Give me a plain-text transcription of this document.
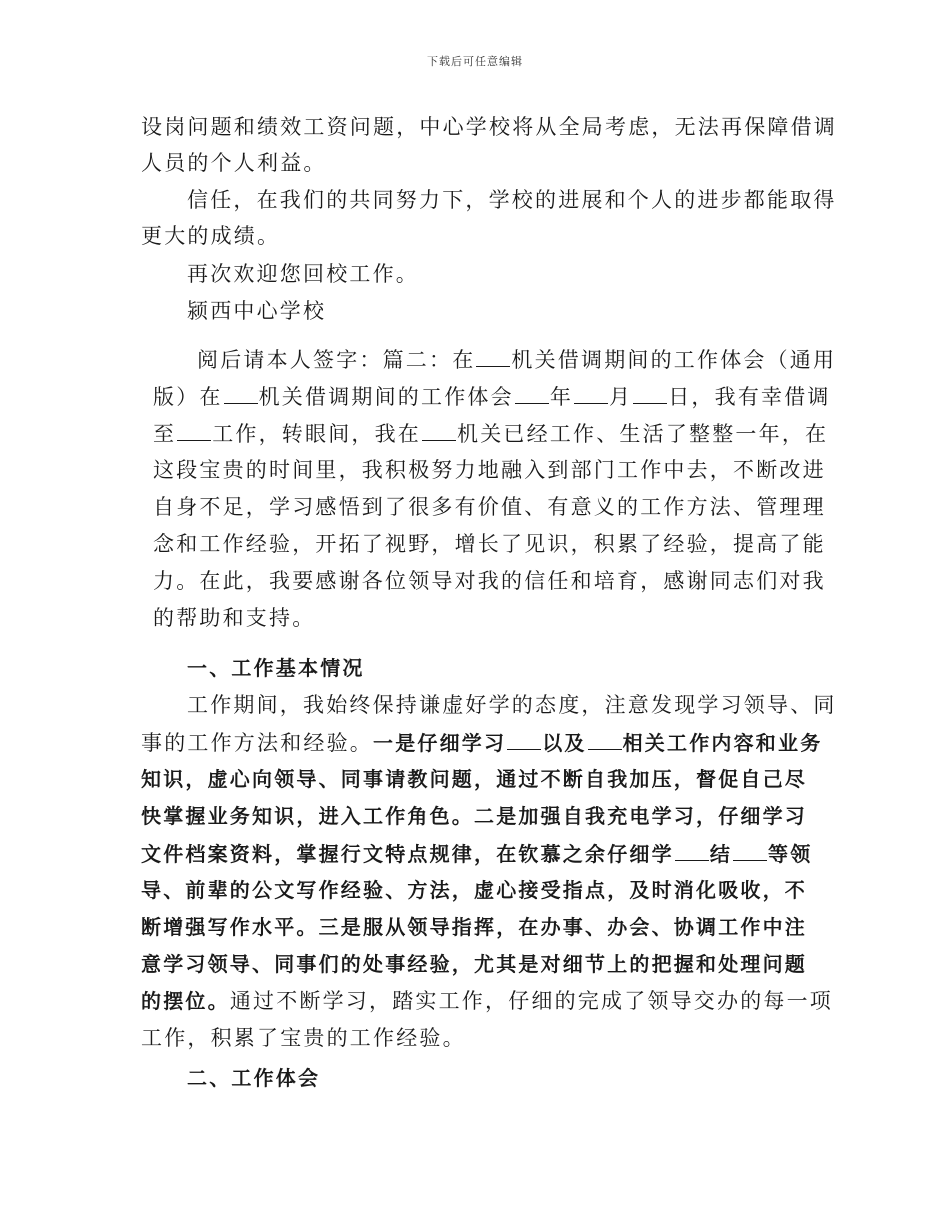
下载后可任意编辑
设岗问题和绩效工资问题，中心学校将从全局考虑，无法再保障借调
人员的个人利益。
信任，在我们的共同努力下，学校的进展和个人的进步都能取得
更大的成绩。
再次欢迎您回校工作。
颍西中心学校
阅后请本人签字：篇二：在 机关借调期间的工作体会（通用
版）在 机关借调期间的工作体会 年 月 日，我有幸借调
至 工作，转眼间，我在 机关已经工作、生活了整整一年，在
这段宝贵的时间里，我积极努力地融入到部门工作中去，不断改进
自身不足，学习感悟到了很多有价值、有意义的工作方法、管理理
念和工作经验，开拓了视野，增长了见识，积累了经验，提高了能
力。在此，我要感谢各位领导对我的信任和培育，感谢同志们对我
的帮助和支持。
一、工作基本情况
工作期间，我始终保持谦虚好学的态度，注意发现学习领导、同
事的工作方法和经验。一是仔细学习 以及 相关工作内容和业务
知识，虚心向领导、同事请教问题，通过不断自我加压，督促自己尽
快掌握业务知识，进入工作角色。二是加强自我充电学习，仔细学习
文件档案资料，掌握行文特点规律，在钦慕之余仔细学 结 等领
导、前辈的公文写作经验、方法，虚心接受指点，及时消化吸收，不
断增强写作水平。三是服从领导指挥，在办事、办会、协调工作中注
意学习领导、同事们的处事经验，尤其是对细节上的把握和处理问题
的摆位。通过不断学习，踏实工作，仔细的完成了领导交办的每一项
工作，积累了宝贵的工作经验。
二、工作体会
